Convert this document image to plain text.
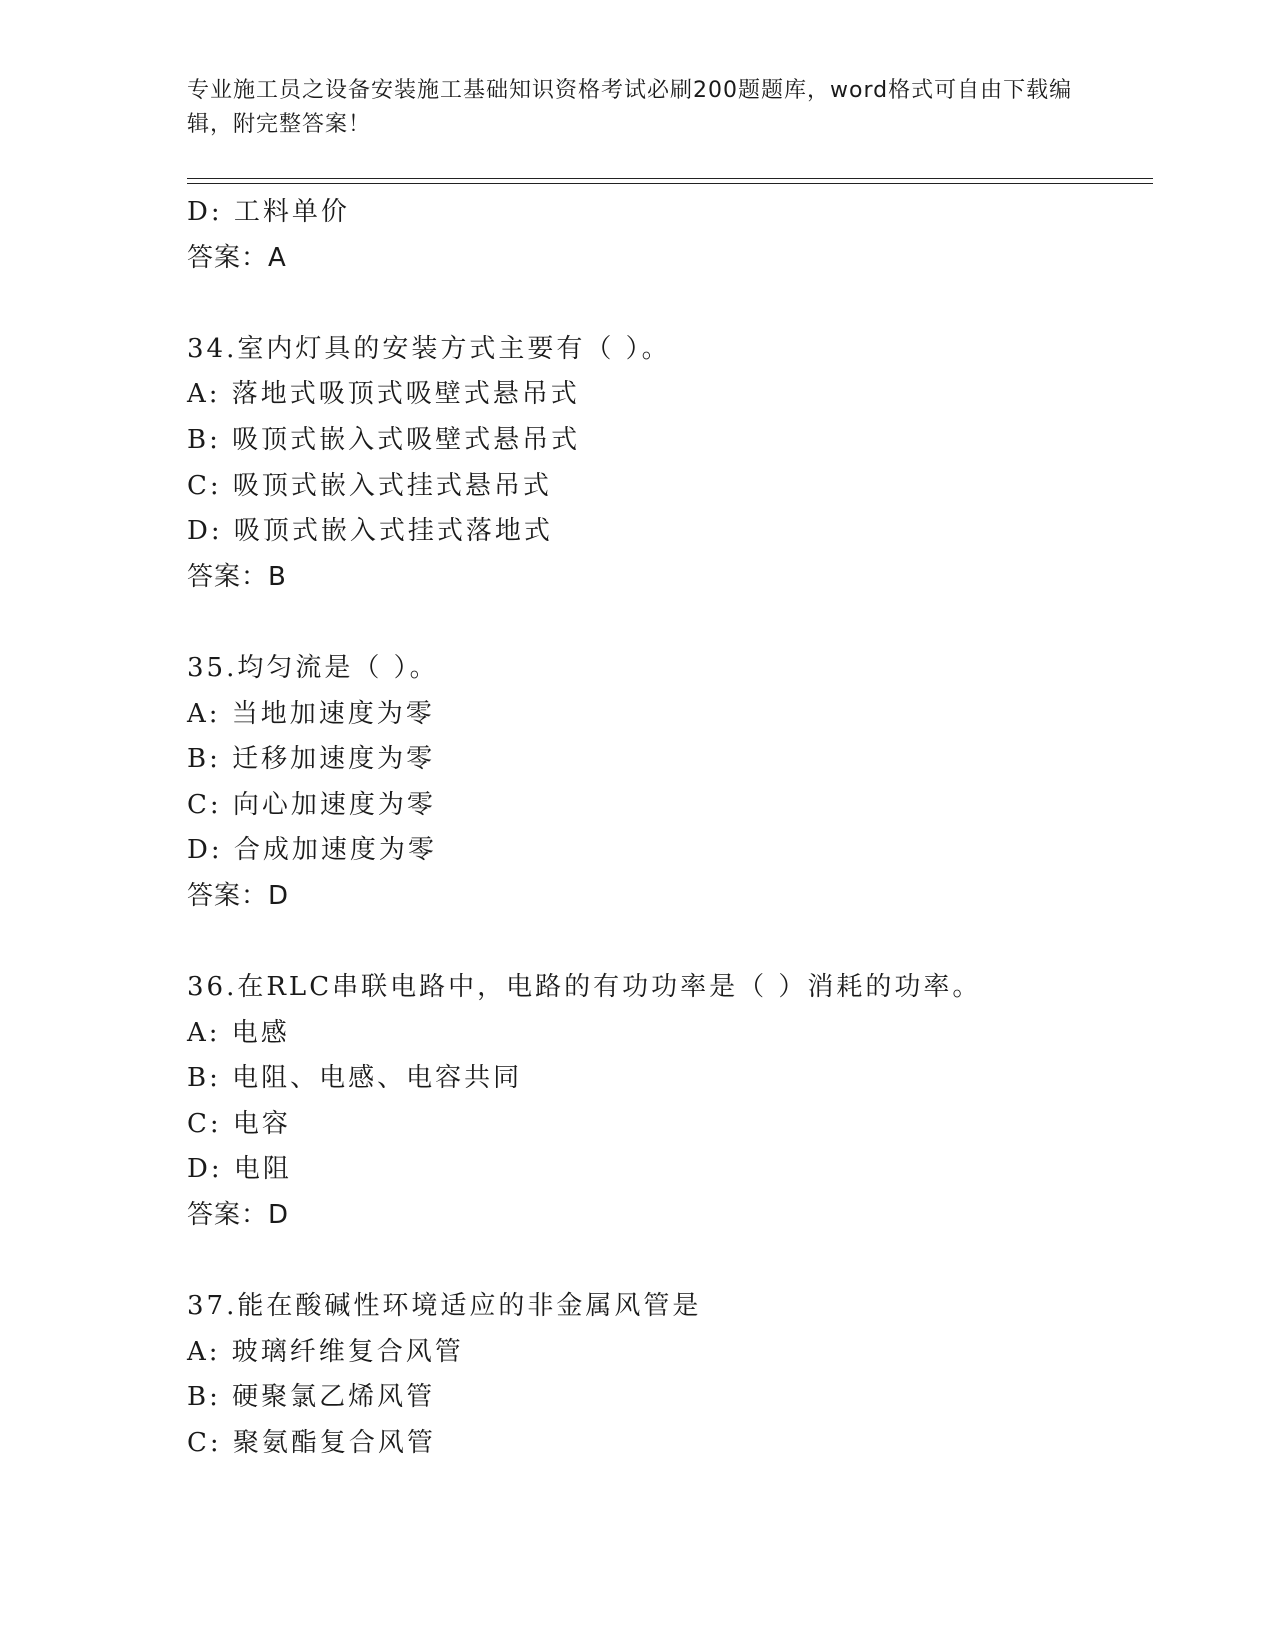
专业施工员之设备安装施工基础知识资格考试必刷200题题库，word格式可自由下载编辑，附完整答案！
D: 工料单价
答案：A
34.室内灯具的安装方式主要有（ ）。
A: 落地式吸顶式吸壁式悬吊式
B: 吸顶式嵌入式吸壁式悬吊式
C: 吸顶式嵌入式挂式悬吊式
D: 吸顶式嵌入式挂式落地式
答案：B
35.均匀流是（ ）。
A: 当地加速度为零
B: 迁移加速度为零
C: 向心加速度为零
D: 合成加速度为零
答案：D
36.在RLC串联电路中，电路的有功功率是（ ）消耗的功率。
A: 电感
B: 电阻、电感、电容共同
C: 电容
D: 电阻
答案：D
37.能在酸碱性环境适应的非金属风管是
A: 玻璃纤维复合风管
B: 硬聚氯乙烯风管
C: 聚氨酯复合风管
